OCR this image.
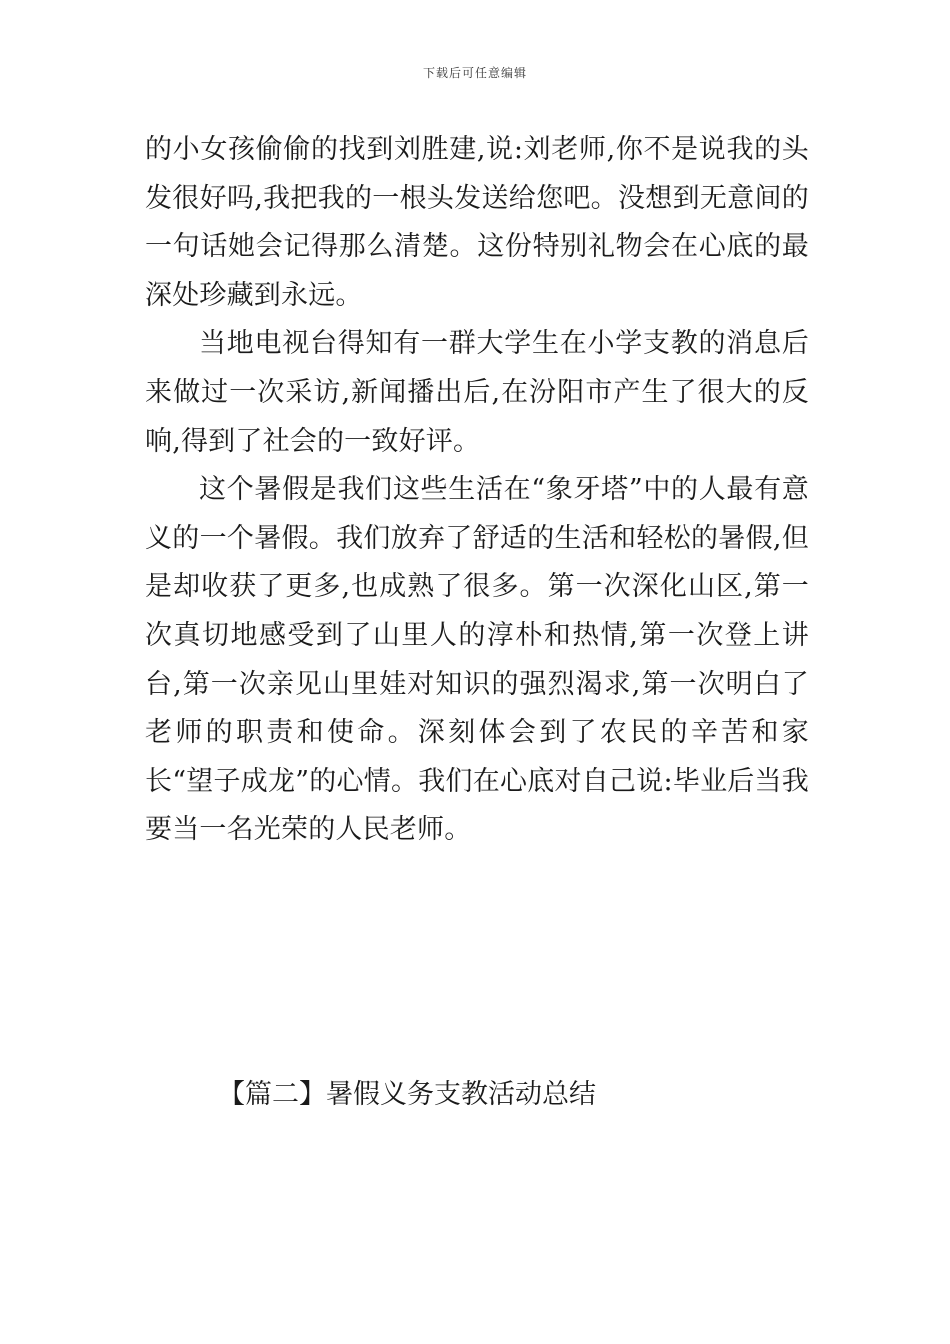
下载后可任意编辑

的小女孩偷偷的找到刘胜建,说:刘老师,你不是说我的头发很好吗,我把我的一根头发送给您吧。没想到无意间的一句话她会记得那么清楚。这份特别礼物会在心底的最深处珍藏到永远。

当地电视台得知有一群大学生在小学支教的消息后来做过一次采访,新闻播出后,在汾阳市产生了很大的反响,得到了社会的一致好评。

这个暑假是我们这些生活在“象牙塔”中的人最有意义的一个暑假。我们放弃了舒适的生活和轻松的暑假,但是却收获了更多,也成熟了很多。第一次深化山区,第一次真切地感受到了山里人的淳朴和热情,第一次登上讲台,第一次亲见山里娃对知识的强烈渴求,第一次明白了老师的职责和使命。深刻体会到了农民的辛苦和家长“望子成龙”的心情。我们在心底对自己说:毕业后当我要当一名光荣的人民老师。

【篇二】暑假义务支教活动总结
